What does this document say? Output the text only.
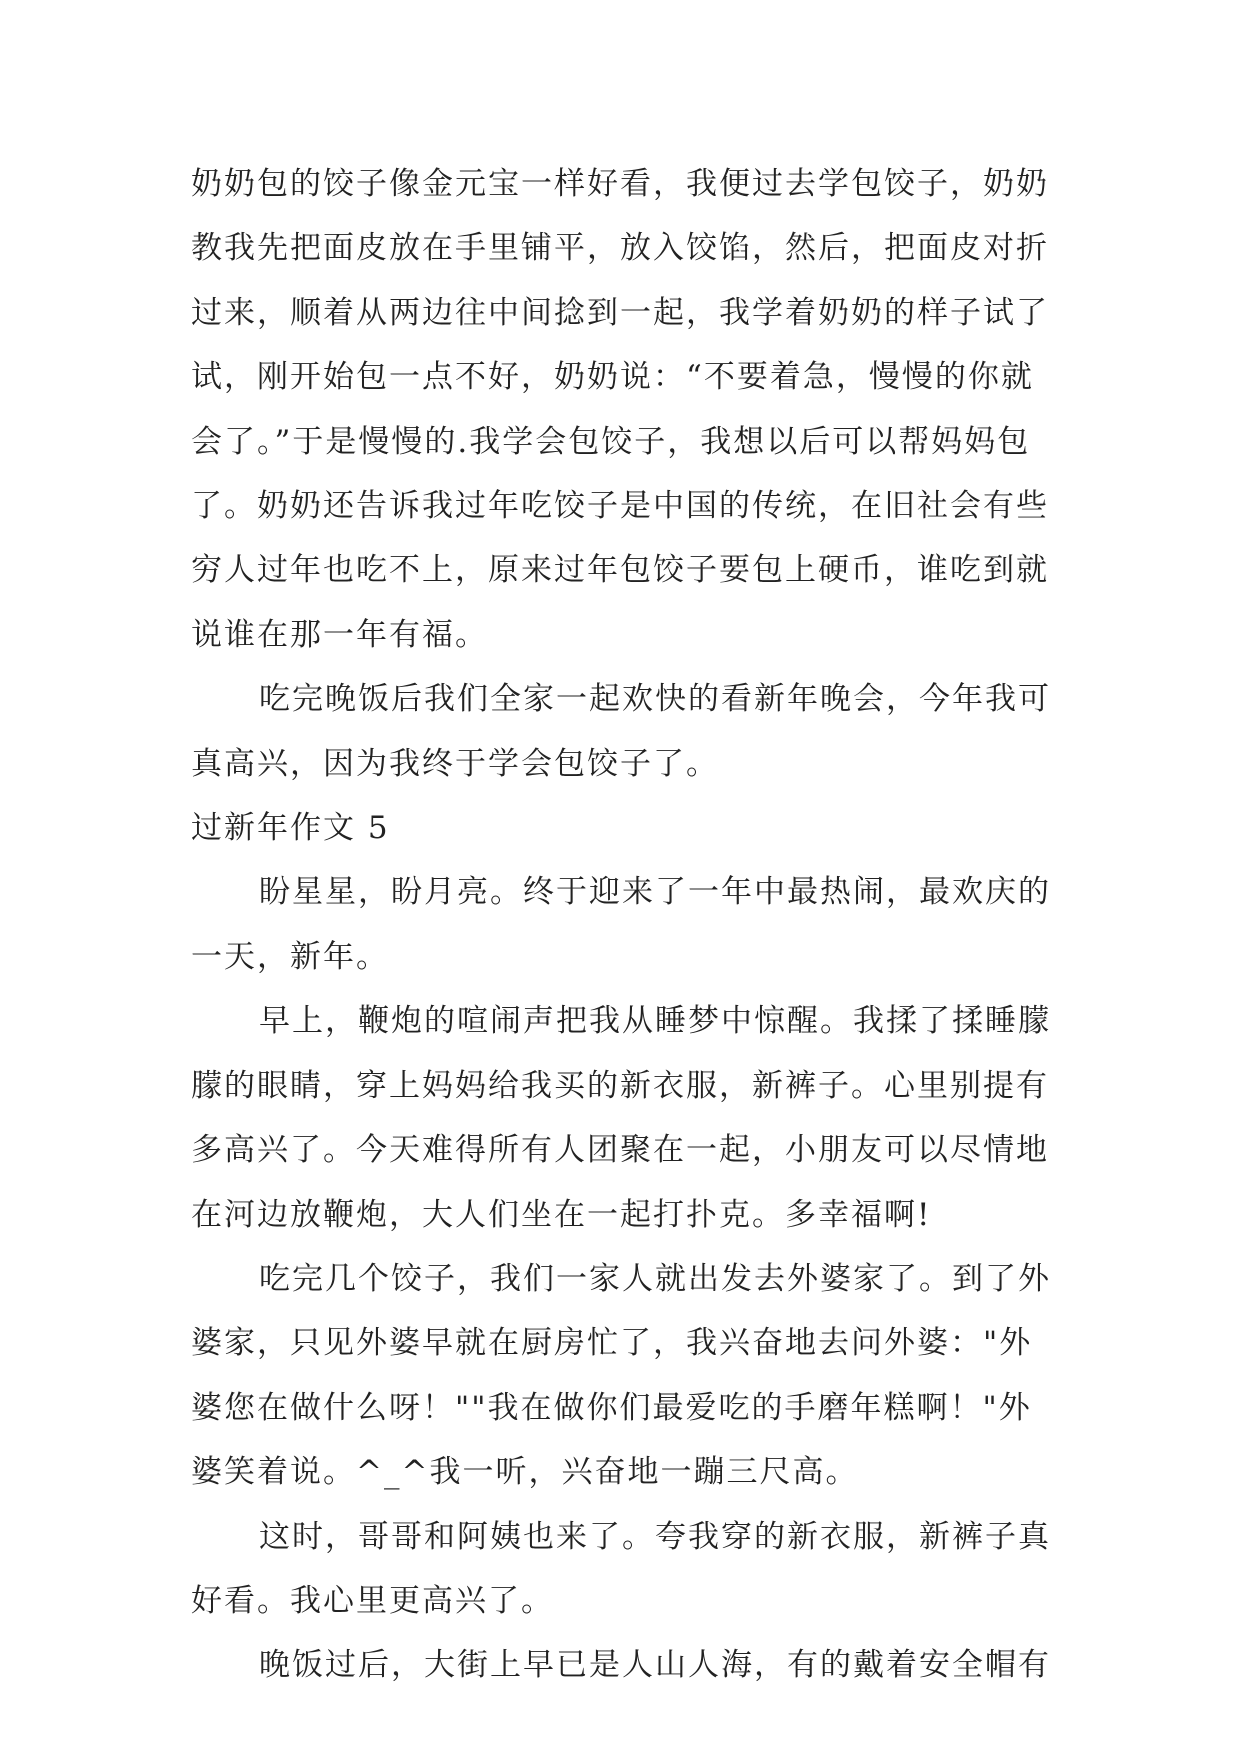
奶奶包的饺子像金元宝一样好看，我便过去学包饺子，奶奶教我先把面皮放在手里铺平，放入饺馅，然后，把面皮对折过来，顺着从两边往中间捻到一起，我学着奶奶的样子试了试，刚开始包一点不好，奶奶说：“不要着急，慢慢的你就会了。”于是慢慢的.我学会包饺子，我想以后可以帮妈妈包了。奶奶还告诉我过年吃饺子是中国的传统，在旧社会有些穷人过年也吃不上，原来过年包饺子要包上硬币，谁吃到就说谁在那一年有福。

吃完晚饭后我们全家一起欢快的看新年晚会，今年我可真高兴，因为我终于学会包饺子了。

过新年作文 5

盼星星，盼月亮。终于迎来了一年中最热闹，最欢庆的一天，新年。

早上，鞭炮的喧闹声把我从睡梦中惊醒。我揉了揉睡朦朦的眼睛，穿上妈妈给我买的新衣服，新裤子。心里别提有多高兴了。今天难得所有人团聚在一起，小朋友可以尽情地在河边放鞭炮，大人们坐在一起打扑克。多幸福啊!

吃完几个饺子，我们一家人就出发去外婆家了。到了外婆家，只见外婆早就在厨房忙了，我兴奋地去问外婆："外婆您在做什么呀！""我在做你们最爱吃的手磨年糕啊！"外婆笑着说。^_^我一听，兴奋地一蹦三尺高。

这时，哥哥和阿姨也来了。夸我穿的新衣服，新裤子真好看。我心里更高兴了。

晚饭过后，大街上早已是人山人海，有的戴着安全帽有
